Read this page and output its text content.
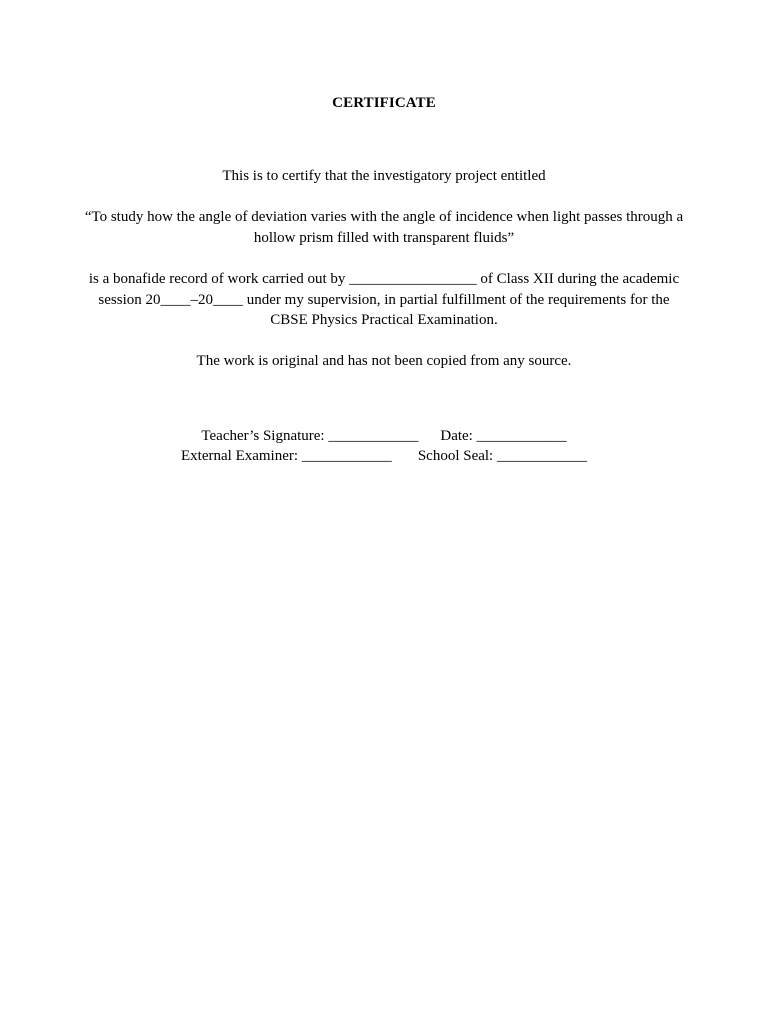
CERTIFICATE
This is to certify that the investigatory project entitled
“To study how the angle of deviation varies with the angle of incidence when light passes through a hollow prism filled with transparent fluids”
is a bonafide record of work carried out by _________________ of Class XII during the academic session 20____–20____ under my supervision, in partial fulfillment of the requirements for the CBSE Physics Practical Examination.
The work is original and has not been copied from any source.
Teacher’s Signature: ____________ Date: ____________
External Examiner: ____________ School Seal: ____________
